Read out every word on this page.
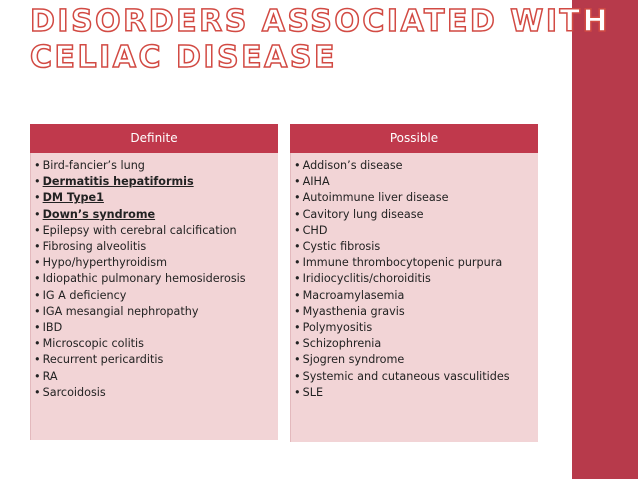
DISORDERS ASSOCIATED WITH
CELIAC DISEASE
Definite
• Bird-fancier’s lung
• Dermatitis hepatiformis
• DM Type1
• Down’s syndrome
• Epilepsy with cerebral calcification
• Fibrosing alveolitis
• Hypo/hyperthyroidism
• Idiopathic pulmonary hemosiderosis
• IG A deficiency
• IGA mesangial nephropathy
• IBD
• Microscopic colitis
• Recurrent pericarditis
• RA
• Sarcoidosis
Possible
• Addison’s disease
• AIHA
• Autoimmune liver disease
• Cavitory lung disease
• CHD
• Cystic fibrosis
• Immune thrombocytopenic purpura
• Iridiocyclitis/choroiditis
• Macroamylasemia
• Myasthenia gravis
• Polymyositis
• Schizophrenia
• Sjogren syndrome
• Systemic and cutaneous vasculitides
• SLE
